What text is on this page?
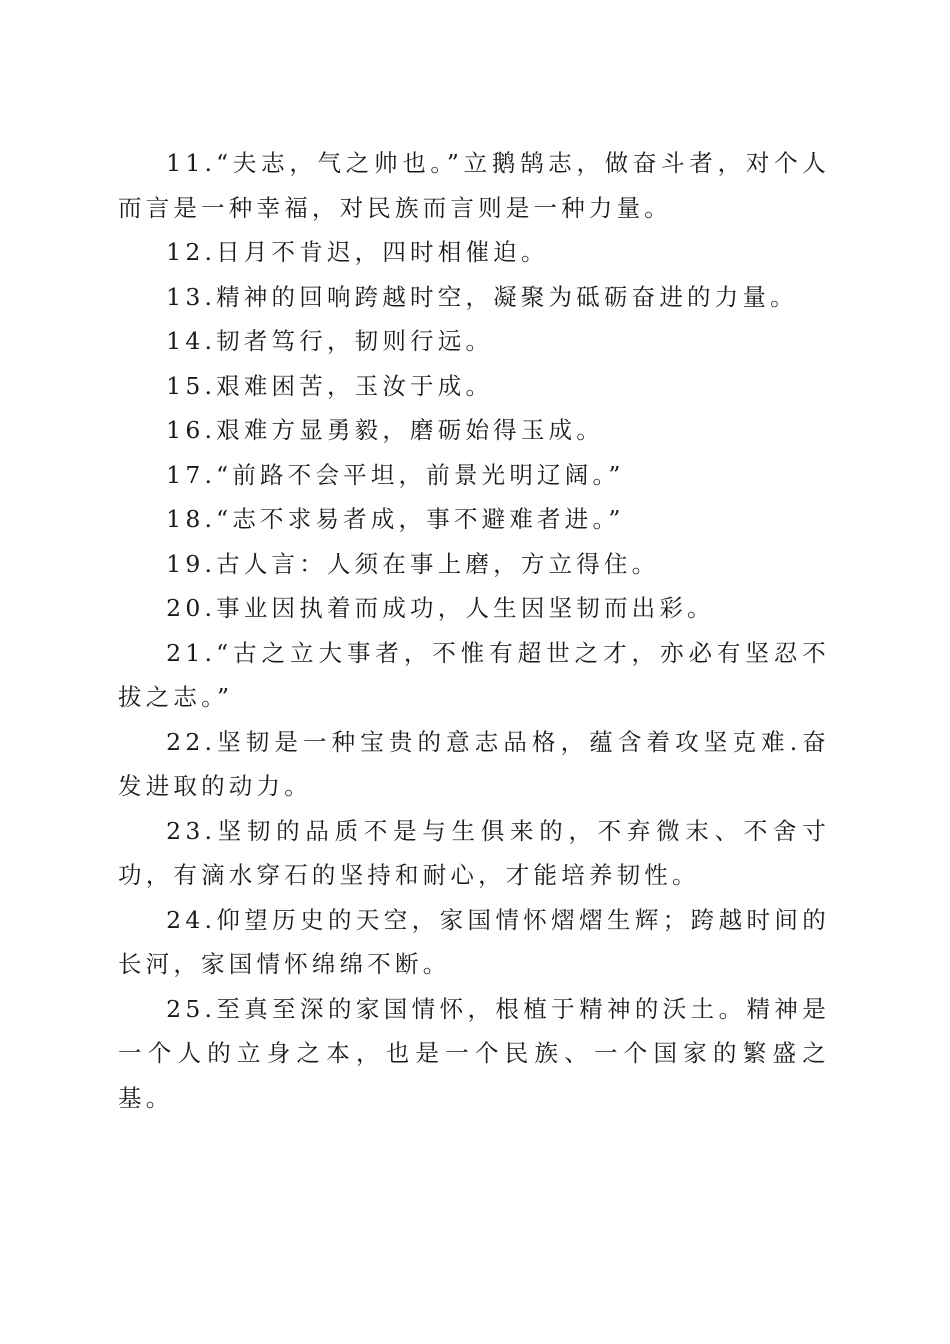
11.“夫志，气之帅也。”立鹅鹄志，做奋斗者，对个人而言是一种幸福，对民族而言则是一种力量。

12.日月不肯迟，四时相催迫。

13.精神的回响跨越时空，凝聚为砥砺奋进的力量。

14.韧者笃行，韧则行远。

15.艰难困苦，玉汝于成。

16.艰难方显勇毅，磨砺始得玉成。

17.“前路不会平坦，前景光明辽阔。”

18.“志不求易者成，事不避难者进。”

19.古人言：人须在事上磨，方立得住。

20.事业因执着而成功，人生因坚韧而出彩。

21.“古之立大事者，不惟有超世之才，亦必有坚忍不拔之志。”

22.坚韧是一种宝贵的意志品格，蕴含着攻坚克难.奋发进取的动力。

23.坚韧的品质不是与生俱来的，不弃微末、不舍寸功，有滴水穿石的坚持和耐心，才能培养韧性。

24.仰望历史的天空，家国情怀熠熠生辉；跨越时间的长河，家国情怀绵绵不断。

25.至真至深的家国情怀，根植于精神的沃土。精神是一个人的立身之本，也是一个民族、一个国家的繁盛之基。
